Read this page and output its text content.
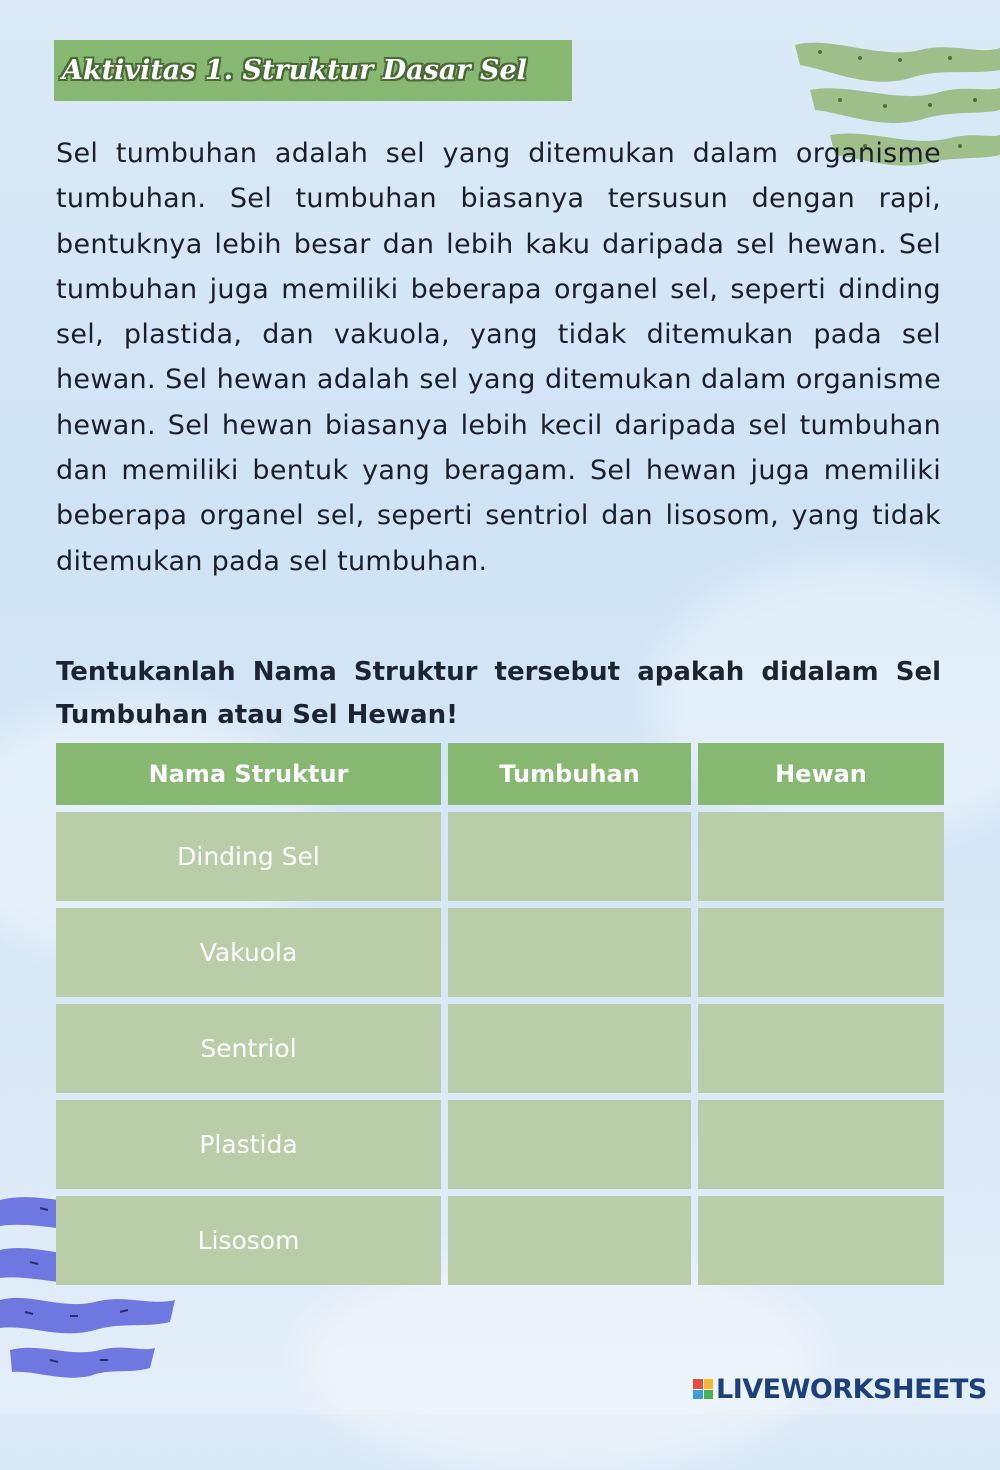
Aktivitas 1. Struktur Dasar Sel
Sel tumbuhan adalah sel yang ditemukan dalam organisme tumbuhan. Sel tumbuhan biasanya tersusun dengan rapi, bentuknya lebih besar dan lebih kaku daripada sel hewan. Sel tumbuhan juga memiliki beberapa organel sel, seperti dinding sel, plastida, dan vakuola, yang tidak ditemukan pada sel hewan. Sel hewan adalah sel yang ditemukan dalam organisme hewan. Sel hewan biasanya lebih kecil daripada sel tumbuhan dan memiliki bentuk yang beragam. Sel hewan juga memiliki beberapa organel sel, seperti sentriol dan lisosom, yang tidak ditemukan pada sel tumbuhan.
Tentukanlah Nama Struktur tersebut apakah didalam Sel Tumbuhan atau Sel Hewan!
Nama Struktur	Tumbuhan	Hewan
Dinding Sel
Vakuola
Sentriol
Plastida
Lisosom
LIVEWORKSHEETS
